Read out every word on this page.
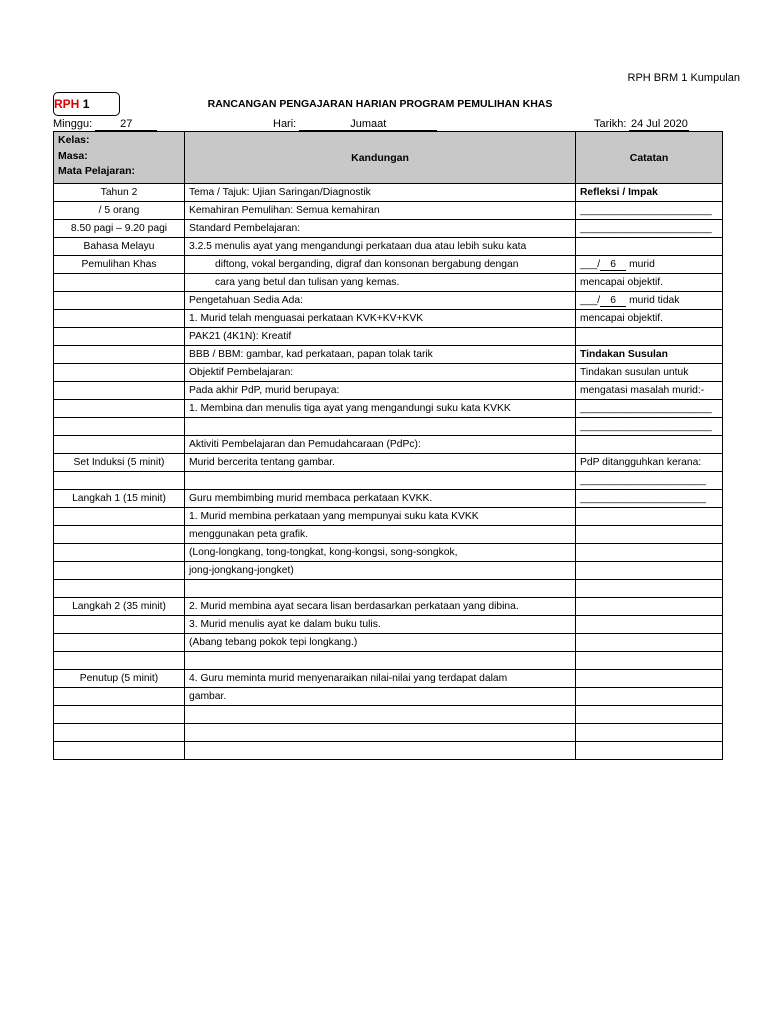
RPH BRM 1 Kumpulan
RPH 1	RANCANGAN PENGAJARAN HARIAN PROGRAM PEMULIHAN KHAS
Minggu:	27	Hari:	Jumaat	Tarikh: 24 Jul 2020
Kelas:
Masa:
Mata Pelajaran:	Kandungan	Catatan
Tahun 2	Tema / Tajuk: Ujian Saringan/Diagnostik	Refleksi / Impak
/ 5 orang	Kemahiran Pemulihan: Semua kemahiran	_______________________
8.50 pagi – 9.20 pagi	Standard Pembelajaran:	_______________________
Bahasa Melayu	3.2.5 menulis ayat yang mengandungi perkataan dua atau lebih suku kata	
Pemulihan Khas	diftong, vokal berganding, digraf dan konsonan bergabung dengan	___/ 6 murid
	cara yang betul dan tulisan yang kemas.	mencapai objektif.
	Pengetahuan Sedia Ada:	___/ 6 murid tidak
	1. Murid telah menguasai perkataan KVK+KV+KVK	mencapai objektif.
	PAK21 (4K1N): Kreatif	
	BBB / BBM: gambar, kad perkataan, papan tolak tarik	Tindakan Susulan
	Objektif Pembelajaran:	Tindakan susulan untuk
	Pada akhir PdP, murid berupaya:	mengatasi masalah murid:-
	1. Membina dan menulis tiga ayat yang mengandungi suku kata KVKK	_______________________
		_______________________
	Aktiviti Pembelajaran dan Pemudahcaraan (PdPc):	
Set Induksi (5 minit)	Murid bercerita tentang gambar.	PdP ditangguhkan kerana:
		______________________
Langkah 1 (15 minit)	Guru membimbing murid membaca perkataan KVKK.	______________________
	1. Murid membina perkataan yang mempunyai suku kata KVKK	
	menggunakan peta grafik.	
	(Long-longkang, tong-tongkat, kong-kongsi, song-songkok,	
	jong-jongkang-jongket)	

Langkah 2 (35 minit)	2. Murid membina ayat secara lisan berdasarkan perkataan yang dibina.	
	3. Murid menulis ayat ke dalam buku tulis.	
	(Abang tebang pokok tepi longkang.)	

Penutup (5 minit)	4. Guru meminta murid menyenaraikan nilai-nilai yang terdapat dalam	
	gambar.	
